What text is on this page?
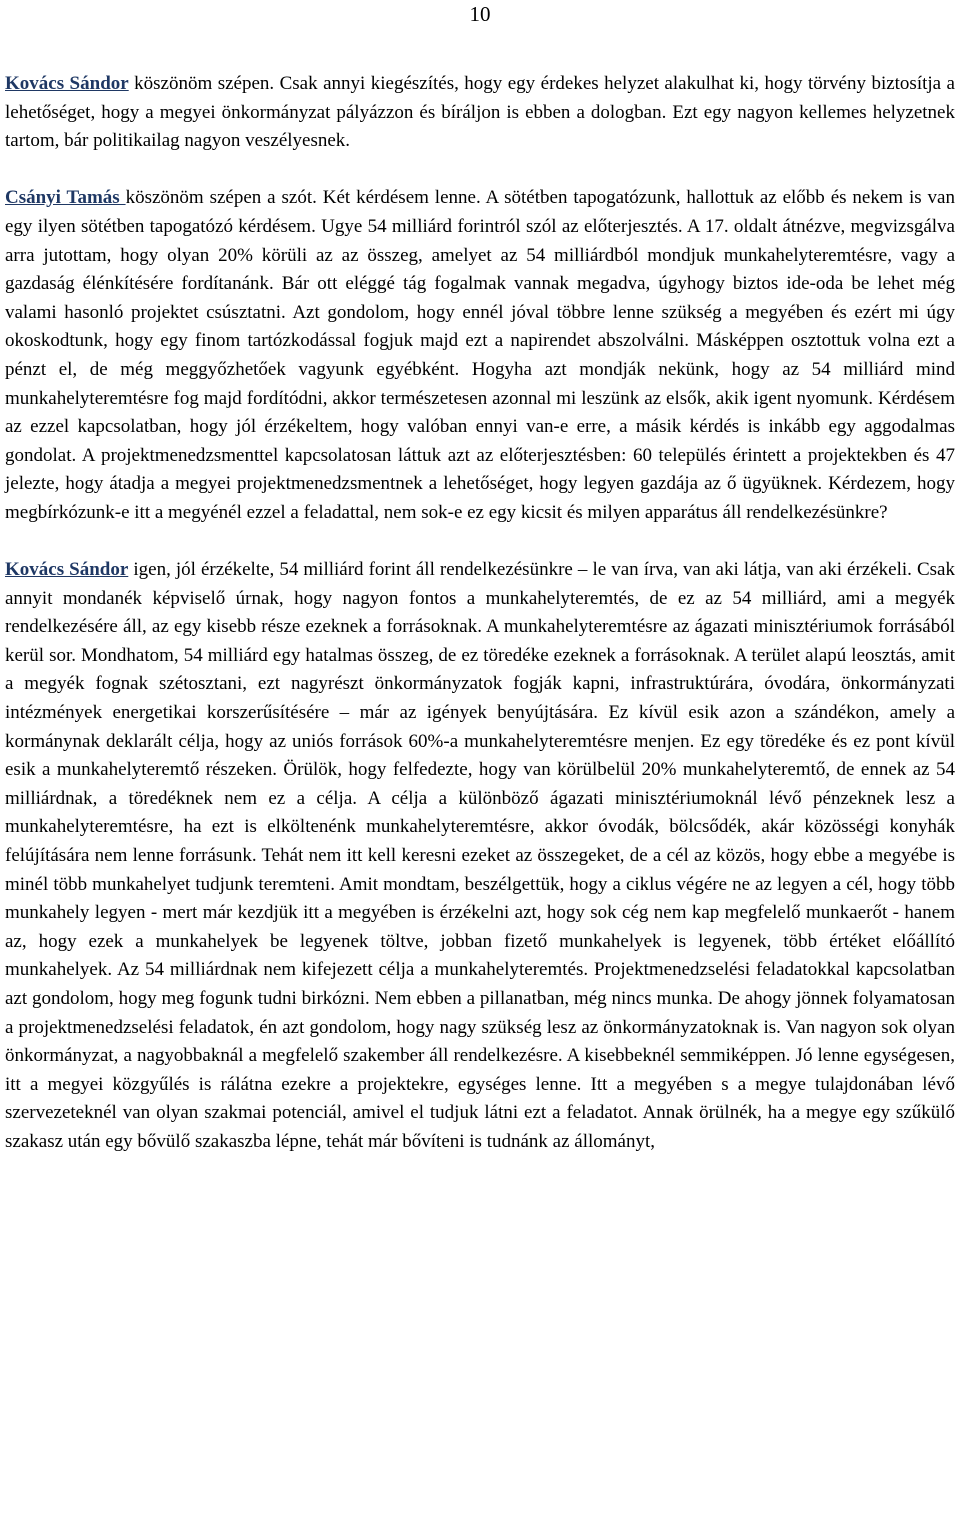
10

Kovács Sándor köszönöm szépen. Csak annyi kiegészítés, hogy egy érdekes helyzet alakulhat ki, hogy törvény biztosítja a lehetőséget, hogy a megyei önkormányzat pályázzon és bíráljon is ebben a dologban. Ezt egy nagyon kellemes helyzetnek tartom, bár politikailag nagyon veszélyesnek.

Csányi Tamás köszönöm szépen a szót. Két kérdésem lenne. A sötétben tapogatózunk, hallottuk az előbb és nekem is van egy ilyen sötétben tapogatózó kérdésem. Ugye 54 milliárd forintról szól az előterjesztés. A 17. oldalt átnézve, megvizsgálva arra jutottam, hogy olyan 20% körüli az az összeg, amelyet az 54 milliárdból mondjuk munkahelyteremtésre, vagy a gazdaság élénkítésére fordítanánk. Bár ott eléggé tág fogalmak vannak megadva, úgyhogy biztos ide-oda be lehet még valami hasonló projektet csúsztatni. Azt gondolom, hogy ennél jóval többre lenne szükség a megyében és ezért mi úgy okoskodtunk, hogy egy finom tartózkodással fogjuk majd ezt a napirendet abszolválni. Másképpen osztottuk volna ezt a pénzt el, de még meggyőzhetőek vagyunk egyébként. Hogyha azt mondják nekünk, hogy az 54 milliárd mind munkahelyteremtésre fog majd fordítódni, akkor természetesen azonnal mi leszünk az elsők, akik igent nyomunk. Kérdésem az ezzel kapcsolatban, hogy jól érzékeltem, hogy valóban ennyi van-e erre, a másik kérdés is inkább egy aggodalmas gondolat. A projektmenedzsmenttel kapcsolatosan láttuk azt az előterjesztésben: 60 település érintett a projektekben és 47 jelezte, hogy átadja a megyei projektmenedzsmentnek a lehetőséget, hogy legyen gazdája az ő ügyüknek. Kérdezem, hogy megbírkózunk-e itt a megyénél ezzel a feladattal, nem sok-e ez egy kicsit és milyen apparátus áll rendelkezésünkre?

Kovács Sándor igen, jól érzékelte, 54 milliárd forint áll rendelkezésünkre – le van írva, van aki látja, van aki érzékeli. Csak annyit mondanék képviselő úrnak, hogy nagyon fontos a munkahelyteremtés, de ez az 54 milliárd, ami a megyék rendelkezésére áll, az egy kisebb része ezeknek a forrásoknak. A munkahelyteremtésre az ágazati minisztériumok forrásából kerül sor. Mondhatom, 54 milliárd egy hatalmas összeg, de ez töredéke ezeknek a forrásoknak. A terület alapú leosztás, amit a megyék fognak szétosztani, ezt nagyrészt önkormányzatok fogják kapni, infrastruktúrára, óvodára, önkormányzati intézmények energetikai korszerűsítésére – már az igények benyújtására. Ez kívül esik azon a szándékon, amely a kormánynak deklarált célja, hogy az uniós források 60%-a munkahelyteremtésre menjen. Ez egy töredéke és ez pont kívül esik a munkahelyteremtő részeken. Örülök, hogy felfedezte, hogy van körülbelül 20% munkahelyteremtő, de ennek az 54 milliárdnak, a töredéknek nem ez a célja. A célja a különböző ágazati minisztériumoknál lévő pénzeknek lesz a munkahelyteremtésre, ha ezt is elköltenénk munkahelyteremtésre, akkor óvodák, bölcsődék, akár közösségi konyhák felújítására nem lenne forrásunk. Tehát nem itt kell keresni ezeket az összegeket, de a cél az közös, hogy ebbe a megyébe is minél több munkahelyet tudjunk teremteni. Amit mondtam, beszélgettük, hogy a ciklus végére ne az legyen a cél, hogy több munkahely legyen - mert már kezdjük itt a megyében is érzékelni azt, hogy sok cég nem kap megfelelő munkaerőt - hanem az, hogy ezek a munkahelyek be legyenek töltve, jobban fizető munkahelyek is legyenek, több értéket előállító munkahelyek. Az 54 milliárdnak nem kifejezett célja a munkahelyteremtés. Projektmenedzselési feladatokkal kapcsolatban azt gondolom, hogy meg fogunk tudni birkózni. Nem ebben a pillanatban, még nincs munka. De ahogy jönnek folyamatosan a projektmenedzselési feladatok, én azt gondolom, hogy nagy szükség lesz az önkormányzatoknak is. Van nagyon sok olyan önkormányzat, a nagyobbaknál a megfelelő szakember áll rendelkezésre. A kisebbeknél semmiképpen. Jó lenne egységesen, itt a megyei közgyűlés is rálátna ezekre a projektekre, egységes lenne. Itt a megyében s a megye tulajdonában lévő szervezeteknél van olyan szakmai potenciál, amivel el tudjuk látni ezt a feladatot. Annak örülnék, ha a megye egy szűkülő szakasz után egy bővülő szakaszba lépne, tehát már bővíteni is tudnánk az állományt,
